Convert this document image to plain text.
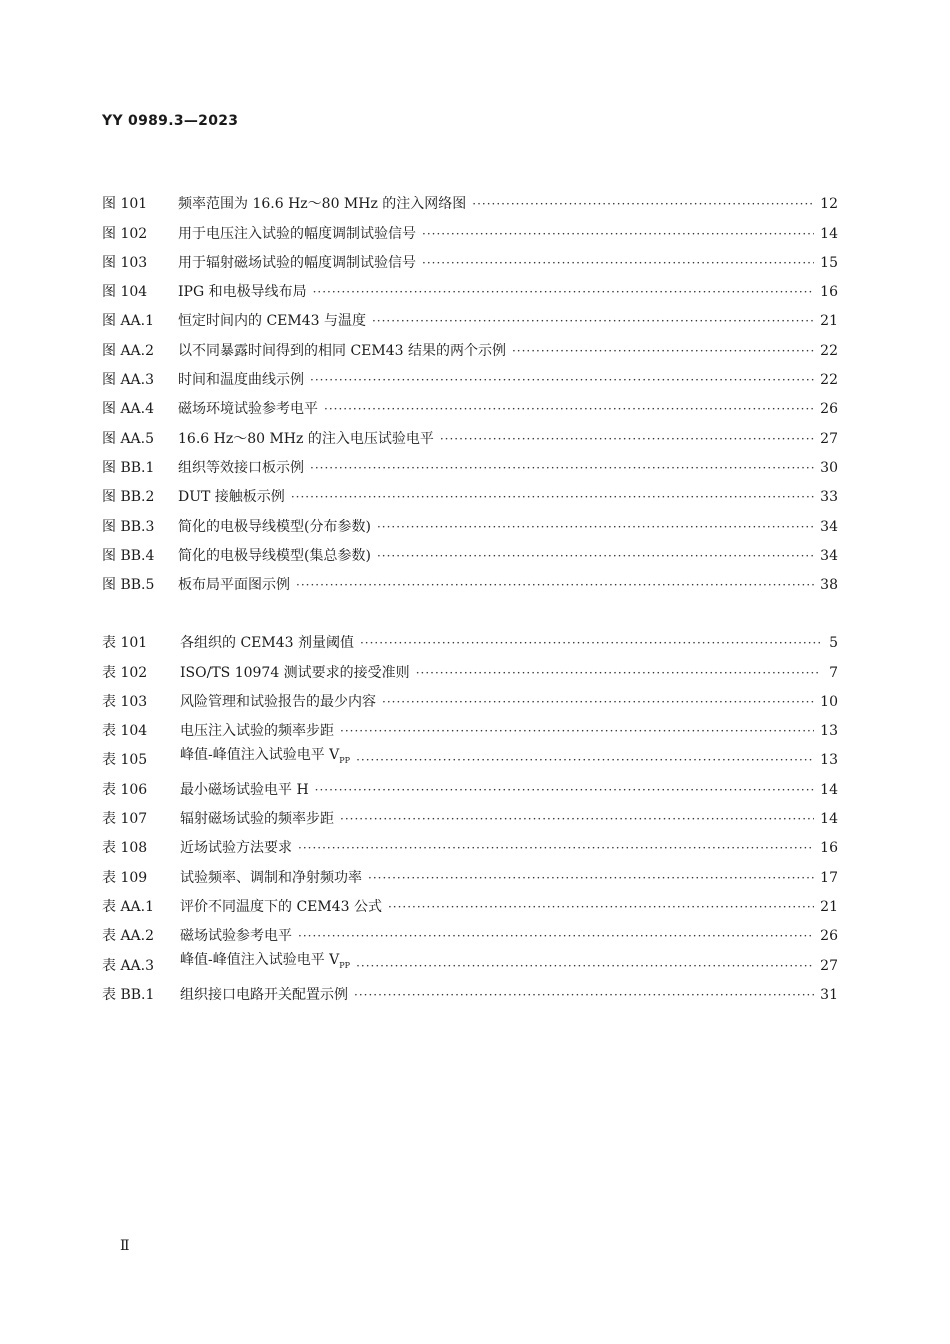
YY 0989.3—2023
图 101	频率范围为 16.6 Hz～80 MHz 的注入网络图 ·····	12
图 102	用于电压注入试验的幅度调制试验信号 ·····	14
图 103	用于辐射磁场试验的幅度调制试验信号 ·····	15
图 104	IPG 和电极导线布局 ·····	16
图 AA.1	恒定时间内的 CEM43 与温度 ·····	21
图 AA.2	以不同暴露时间得到的相同 CEM43 结果的两个示例 ·····	22
图 AA.3	时间和温度曲线示例 ·····	22
图 AA.4	磁场环境试验参考电平 ·····	26
图 AA.5	16.6 Hz～80 MHz 的注入电压试验电平 ·····	27
图 BB.1	组织等效接口板示例 ·····	30
图 BB.2	DUT 接触板示例 ·····	33
图 BB.3	简化的电极导线模型(分布参数) ·····	34
图 BB.4	简化的电极导线模型(集总参数) ·····	34
图 BB.5	板布局平面图示例 ·····	38
表 101	各组织的 CEM43 剂量阈值 ·····	5
表 102	ISO/TS 10974 测试要求的接受准则 ·····	7
表 103	风险管理和试验报告的最少内容 ·····	10
表 104	电压注入试验的频率步距 ·····	13
表 105	峰值-峰值注入试验电平 $V_{PP}$ ·····	13
表 106	最小磁场试验电平 H ·····	14
表 107	辐射磁场试验的频率步距 ·····	14
表 108	近场试验方法要求 ·····	16
表 109	试验频率、调制和净射频功率 ·····	17
表 AA.1	评价不同温度下的 CEM43 公式 ·····	21
表 AA.2	磁场试验参考电平 ·····	26
表 AA.3	峰值-峰值注入试验电平 $V_{PP}$ ·····	27
表 BB.1	组织接口电路开关配置示例 ·····	31
Ⅱ
